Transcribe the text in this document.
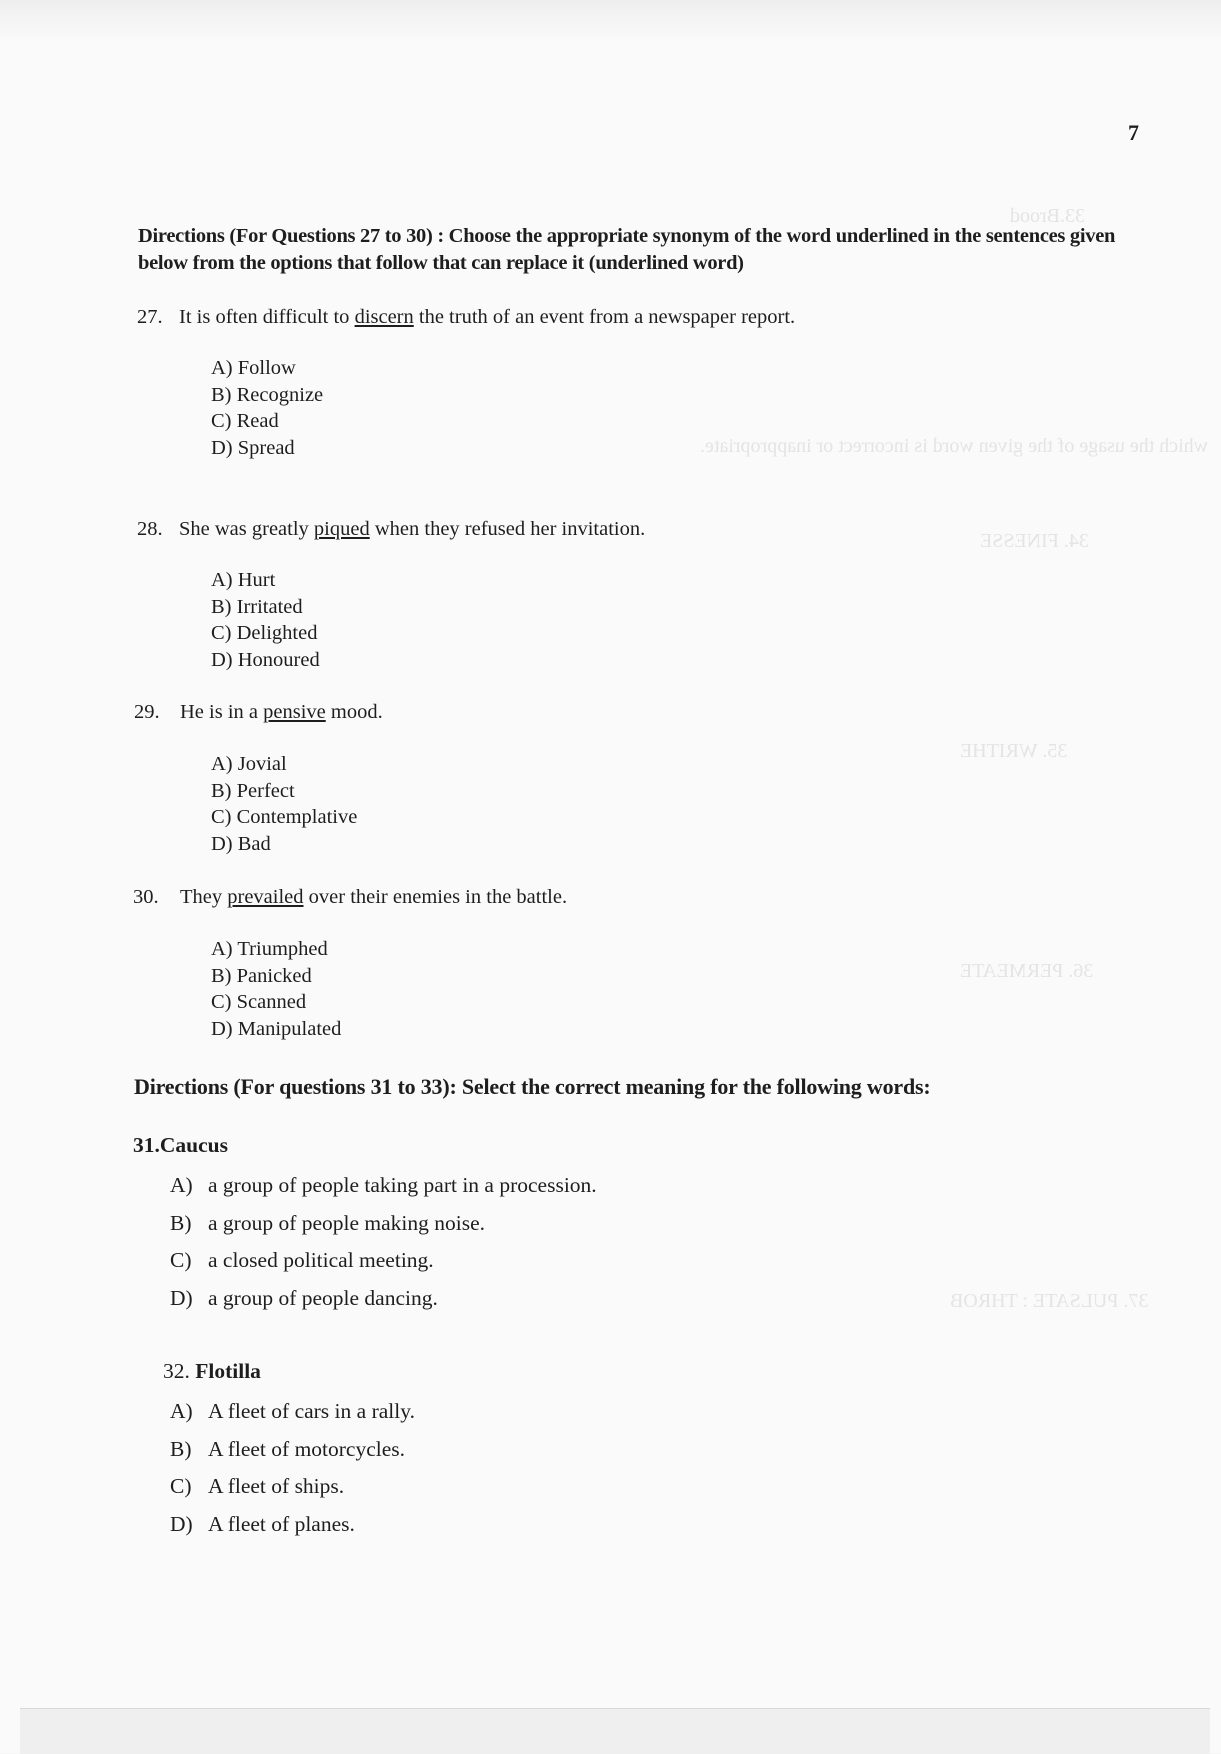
33.Brood
which the usage of the given word is incorrect or inappropriate.
34. FINESSE
35. WRITHE
36. PERMEATE
37. PULSATE : THROB
7
Directions (For Questions 27 to 30) : Choose the appropriate synonym of the word underlined in the sentences given below from the options that follow that can replace it (underlined word)
27. It is often difficult to discern the truth of an event from a newspaper report.
A) Follow
B) Recognize
C) Read
D) Spread
28. She was greatly piqued when they refused her invitation.
A) Hurt
B) Irritated
C) Delighted
D) Honoured
29. He is in a pensive mood.
A) Jovial
B) Perfect
C) Contemplative
D) Bad
30. They prevailed over their enemies in the battle.
A) Triumphed
B) Panicked
C) Scanned
D) Manipulated
Directions (For questions 31 to 33): Select the correct meaning for the following words:
31.Caucus
A) a group of people taking part in a procession.
B) a group of people making noise.
C) a closed political meeting.
D) a group of people dancing.
32. Flotilla
A) A fleet of cars in a rally.
B) A fleet of motorcycles.
C) A fleet of ships.
D) A fleet of planes.
